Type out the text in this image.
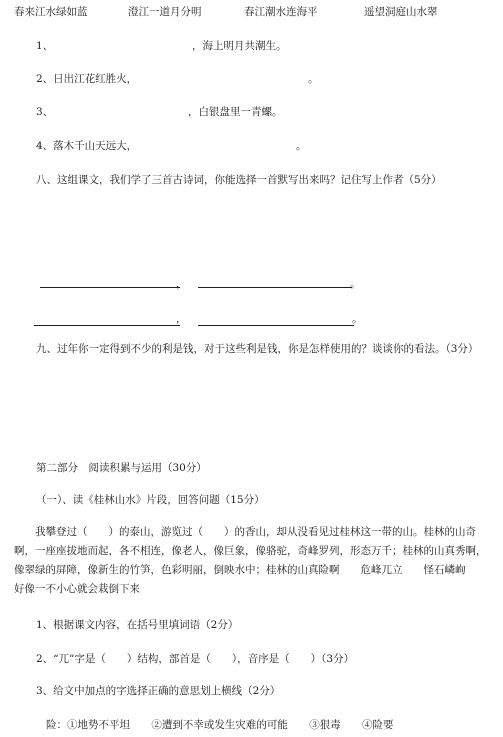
春来江水绿如蓝	澄江一道月分明	春江潮水连海平	遥望洞庭山水翠
1、	，海上明月共潮生。
2、日出江花红胜火，	。
3、	，白银盘里一青螺。
4、落木千山天远大，	。
八、这组课文，我们学了三首古诗词，你能选择一首默写出来吗？记住写上作者（5分）
，	。
，	。
九、过年你一定得到不少的利是钱，对于这些利是钱，你是怎样使用的？谈谈你的看法。（3分）
第二部分　阅读积累与运用（30分）
（一）、读《桂林山水》片段，回答问题（15分）
　　我攀登过（　　）的泰山，游览过（　　）的香山，却从没看见过桂林这一带的山。桂林的山奇啊，一座座拔地而起，各不相连，像老人，像巨象，像骆驼，奇峰罗列，形态万千；桂林的山真秀啊，像翠绿的屏障，像新生的竹笋，色彩明丽，倒映水中；桂林的山真险啊　　危峰兀立　　怪石嶙峋　　好像一不小心就会栽倒下来
1、根据课文内容，在括号里填词语（2分）
2、“兀”字是（　　）结构，部首是（　　），音序是（　　）（3分）
3、给文中加点的字选择正确的意思划上横线（2分）
险：①地势不平坦 ②遭到不幸或发生灾难的可能 ③狠毒 ④险要
